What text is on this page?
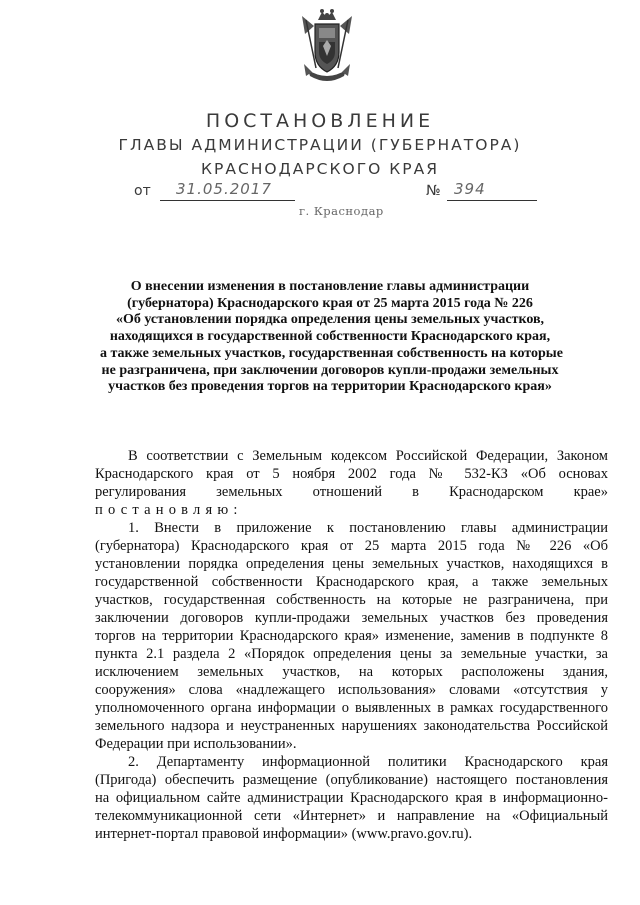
ПОСТАНОВЛЕНИЕ
ГЛАВЫ АДМИНИСТРАЦИИ (ГУБЕРНАТОРА)
КРАСНОДАРСКОГО КРАЯ
от 31.05.2017	№ 394
г. Краснодар
О внесении изменения в постановление главы администрации
(губернатора) Краснодарского края от 25 марта 2015 года № 226
«Об установлении порядка определения цены земельных участков,
находящихся в государственной собственности Краснодарского края,
а также земельных участков, государственная собственность на которые
не разграничена, при заключении договоров купли-продажи земельных
участков без проведения торгов на территории Краснодарского края»
В соответствии с Земельным кодексом Российской Федерации, Законом
Краснодарского края от 5 ноября 2002 года № 532-КЗ «Об основах
регулирования земельных отношений в Краснодарском крае»
постановляю:
1. Внести в приложение к постановлению главы администрации
(губернатора) Краснодарского края от 25 марта 2015 года № 226 «Об
установлении порядка определения цены земельных участков, находящихся в
государственной собственности Краснодарского края, а также земельных
участков, государственная собственность на которые не разграничена, при
заключении договоров купли-продажи земельных участков без проведения
торгов на территории Краснодарского края» изменение, заменив в подпункте 8
пункта 2.1 раздела 2 «Порядок определения цены за земельные участки, за
исключением земельных участков, на которых расположены здания,
сооружения» слова «надлежащего использования» словами «отсутствия у
уполномоченного органа информации о выявленных в рамках государственного
земельного надзора и неустраненных нарушениях законодательства Российской
Федерации при использовании».
2. Департаменту информационной политики Краснодарского края
(Пригода) обеспечить размещение (опубликование) настоящего постановления
на официальном сайте администрации Краснодарского края в информационно-
телекоммуникационной сети «Интернет» и направление на «Официальный
интернет-портал правовой информации» (www.pravo.gov.ru).
